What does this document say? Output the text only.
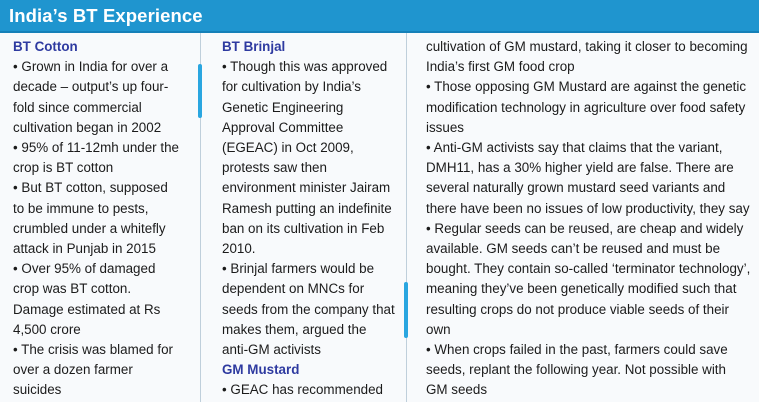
India’s BT Experience
BT Cotton
• Grown in India for over a decade – output’s up four-fold since commercial cultivation began in 2002
• 95% of 11-12mh under the crop is BT cotton
• But BT cotton, supposed to be immune to pests, crumbled under a whitefly attack in Punjab in 2015
• Over 95% of damaged crop was BT cotton. Damage estimated at Rs 4,500 crore
• The crisis was blamed for over a dozen farmer suicides
BT Brinjal
• Though this was approved for cultivation by India’s Genetic Engineering Approval Committee (EGEAC) in Oct 2009, protests saw then environment minister Jairam Ramesh putting an indefinite ban on its cultivation in Feb 2010.
• Brinjal farmers would be dependent on MNCs for seeds from the company that makes them, argued the anti-GM activists
GM Mustard
• GEAC has recommended
cultivation of GM mustard, taking it closer to becoming India’s first GM food crop
• Those opposing GM Mustard are against the genetic modification technology in agriculture over food safety issues
• Anti-GM activists say that claims that the variant, DMH11, has a 30% higher yield are false. There are several naturally grown mustard seed variants and there have been no issues of low productivity, they say
• Regular seeds can be reused, are cheap and widely available. GM seeds can’t be reused and must be bought. They contain so-called ‘terminator technology’, meaning they’ve been genetically modified such that resulting crops do not produce viable seeds of their own
• When crops failed in the past, farmers could save seeds, replant the following year. Not possible with GM seeds
